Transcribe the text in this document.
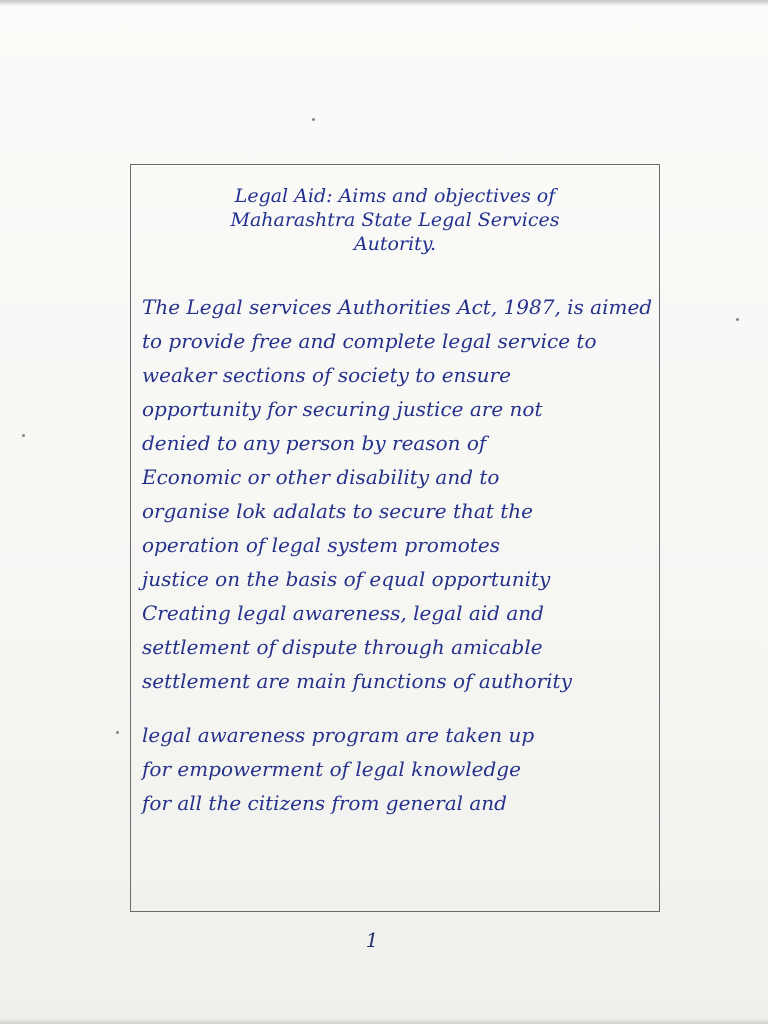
Legal Aid: Aims and objectives of
Maharashtra State Legal Services
Autority.
The Legal services Authorities Act, 1987, is aimed
to provide free and complete legal service to
weaker sections of society to ensure
opportunity for securing justice are not
denied to any person by reason of
Economic or other disability and to
organise lok adalats to secure that the
operation of legal system promotes
justice on the basis of equal opportunity
Creating legal awareness, legal aid and
settlement of dispute through amicable
settlement are main functions of authority
legal awareness program are taken up
for empowerment of legal knowledge
for all the citizens from general and
1
